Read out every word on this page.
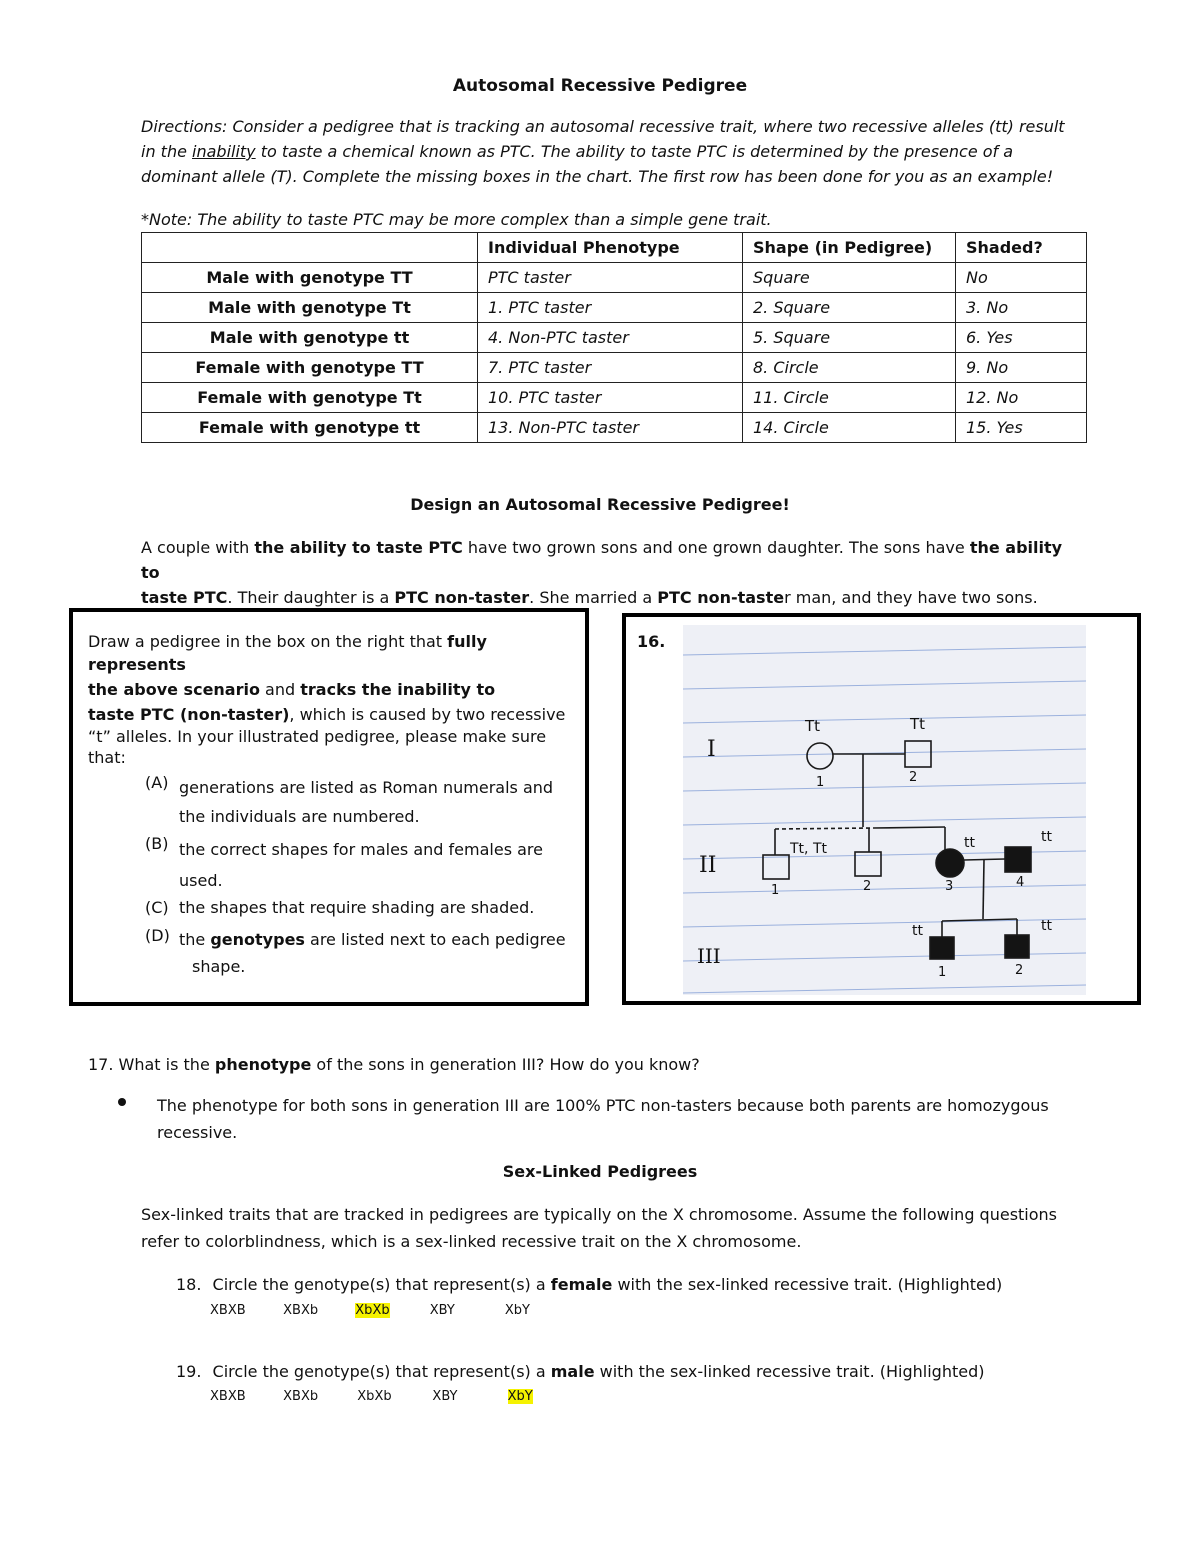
Autosomal Recessive Pedigree
Directions: Consider a pedigree that is tracking an autosomal recessive trait, where two recessive alleles (tt) result
in the inability to taste a chemical known as PTC. The ability to taste PTC is determined by the presence of a
dominant allele (T). Complete the missing boxes in the chart. The first row has been done for you as an example!
*Note: The ability to taste PTC may be more complex than a simple gene trait.
	Individual Phenotype	Shape (in Pedigree)	Shaded?
Male with genotype TT	PTC taster	Square	No
Male with genotype Tt	1. PTC taster	2. Square	3. No
Male with genotype tt	4. Non-PTC taster	5. Square	6. Yes
Female with genotype TT	7. PTC taster	8. Circle	9. No
Female with genotype Tt	10. PTC taster	11. Circle	12. No
Female with genotype tt	13. Non-PTC taster	14. Circle	15. Yes
Design an Autosomal Recessive Pedigree!
A couple with the ability to taste PTC have two grown sons and one grown daughter. The sons have the ability to
taste PTC. Their daughter is a PTC non-taster. She married a PTC non-taster man, and they have two sons.
Draw a pedigree in the box on the right that fully represents
the above scenario and tracks the inability to
taste PTC (non-taster), which is caused by two recessive
“t” alleles. In your illustrated pedigree, please make sure
that:
(A) generations are listed as Roman numerals and
the individuals are numbered.
(B) the correct shapes for males and females are
used.
(C) the shapes that require shading are shaded.
(D) the genotypes are listed next to each pedigree
shape.
16.
I
II
III
Tt	Tt
Tt, Tt	tt	tt
tt	tt
1	2
1	2	3	4
1	2
17. What is the phenotype of the sons in generation III? How do you know?
The phenotype for both sons in generation III are 100% PTC non-tasters because both parents are homozygous
recessive.
Sex-Linked Pedigrees
Sex-linked traits that are tracked in pedigrees are typically on the X chromosome. Assume the following questions
refer to colorblindness, which is a sex-linked recessive trait on the X chromosome.
18. Circle the genotype(s) that represent(s) a female with the sex-linked recessive trait. (Highlighted)
XBXB	XBXb	XbXb	XBY	XbY
19. Circle the genotype(s) that represent(s) a male with the sex-linked recessive trait. (Highlighted)
XBXB	XBXb	XbXb	XBY	XbY
